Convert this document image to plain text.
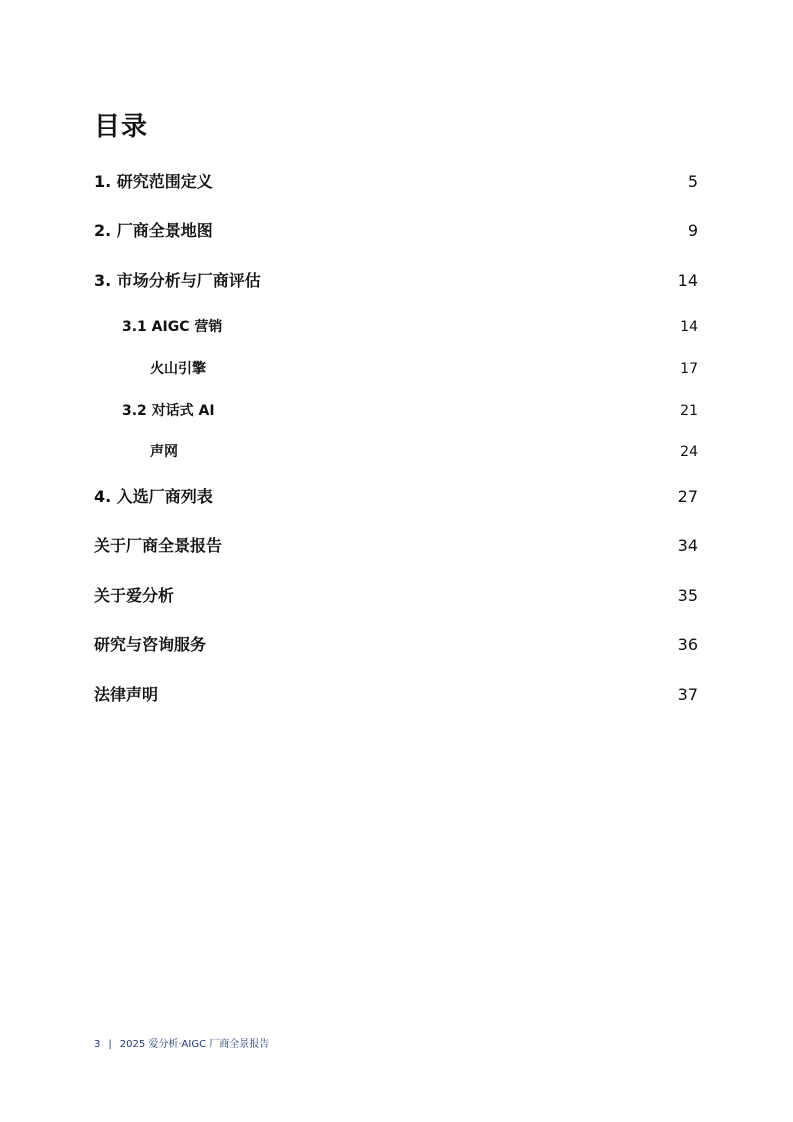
目录
1. 研究范围定义	5
2. 厂商全景地图	9
3. 市场分析与厂商评估	14
3.1 AIGC 营销	14
火山引擎	17
3.2 对话式 AI	21
声网	24
4. 入选厂商列表	27
关于厂商全景报告	34
关于爱分析	35
研究与咨询服务	36
法律声明	37
3 | 2025 爱分析·AIGC 厂商全景报告
